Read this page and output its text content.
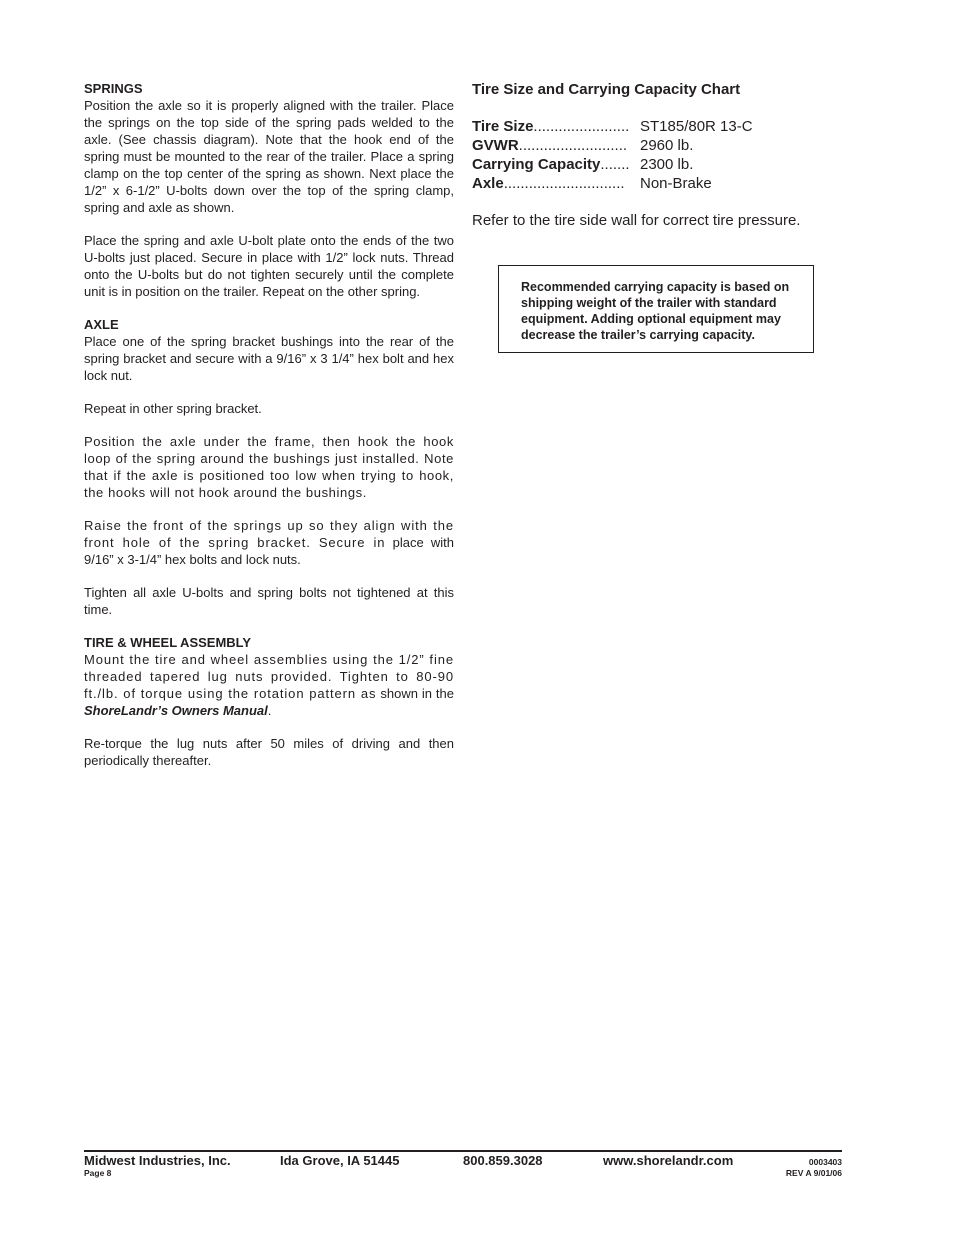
SPRINGS

Position the axle so it is properly aligned with the trailer. Place the springs on the top side of the spring pads welded to the axle. (See chassis diagram). Note that the hook end of the spring must be mounted to the rear of the trailer. Place a spring clamp on the top center of the spring as shown. Next place the 1/2” x 6-1/2” U-bolts down over the top of the spring clamp, spring and axle as shown.

Place the spring and axle U-bolt plate onto the ends of the two U-bolts just placed. Secure in place with 1/2” lock nuts. Thread onto the U-bolts but do not tighten securely until the complete unit is in position on the trailer. Repeat on the other spring.

AXLE

Place one of the spring bracket bushings into the rear of the spring bracket and secure with a 9/16” x 3 1/4” hex bolt and hex lock nut.

Repeat in other spring bracket.

Position the axle under the frame, then hook the hook loop of the spring around the bushings just installed. Note that if the axle is positioned too low when trying to hook, the hooks will not hook around the bushings.

Raise the front of the springs up so they align with the front hole of the spring bracket. Secure in place with 9/16” x 3-1/4” hex bolts and lock nuts.

Tighten all axle U-bolts and spring bolts not tightened at this time.

TIRE & WHEEL ASSEMBLY

Mount the tire and wheel assemblies using the 1/2” fine threaded tapered lug nuts provided. Tighten to 80-90 ft./lb. of torque using the rotation pattern as shown in the ShoreLandr’s Owners Manual.

Re-torque the lug nuts after 50 miles of driving and then periodically thereafter.

Tire Size and Carrying Capacity Chart

Tire Size ....................... ST185/80R 13-C
GVWR .......................... 2960 lb.
Carrying Capacity ....... 2300 lb.
Axle .............................	Non-Brake

Refer to the tire side wall for correct tire pressure.

Recommended carrying capacity is based on shipping weight of the trailer with standard equipment. Adding optional equipment may decrease the trailer’s carrying capacity.
Midwest Industries, Inc.	Ida Grove, IA 51445	800.859.3028	www.shorelandr.com
Page 8
0003403
REV A 9/01/06
